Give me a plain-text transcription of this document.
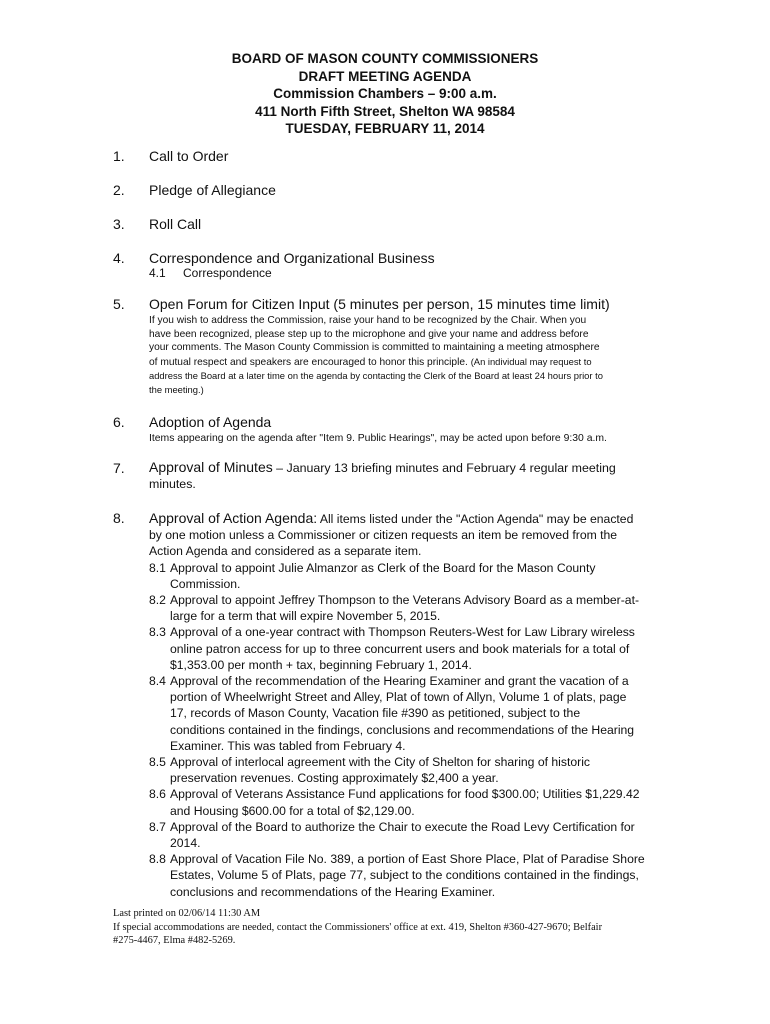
BOARD OF MASON COUNTY COMMISSIONERS
DRAFT MEETING AGENDA
Commission Chambers – 9:00 a.m.
411 North Fifth Street, Shelton WA 98584
TUESDAY, FEBRUARY 11, 2014
1. Call to Order
2. Pledge of Allegiance
3. Roll Call
4. Correspondence and Organizational Business
4.1 Correspondence
5. Open Forum for Citizen Input (5 minutes per person, 15 minutes time limit)
If you wish to address the Commission, raise your hand to be recognized by the Chair. When you
have been recognized, please step up to the microphone and give your name and address before
your comments. The Mason County Commission is committed to maintaining a meeting atmosphere
of mutual respect and speakers are encouraged to honor this principle. (An individual may request to
address the Board at a later time on the agenda by contacting the Clerk of the Board at least 24 hours prior to
the meeting.)
6. Adoption of Agenda
Items appearing on the agenda after "Item 9. Public Hearings", may be acted upon before 9:30 a.m.
7. Approval of Minutes – January 13 briefing minutes and February 4 regular meeting
minutes.
8. Approval of Action Agenda: All items listed under the "Action Agenda" may be enacted
by one motion unless a Commissioner or citizen requests an item be removed from the
Action Agenda and considered as a separate item.
8.1 Approval to appoint Julie Almanzor as Clerk of the Board for the Mason County
Commission.
8.2 Approval to appoint Jeffrey Thompson to the Veterans Advisory Board as a member-at-
large for a term that will expire November 5, 2015.
8.3 Approval of a one-year contract with Thompson Reuters-West for Law Library wireless
online patron access for up to three concurrent users and book materials for a total of
$1,353.00 per month + tax, beginning February 1, 2014.
8.4 Approval of the recommendation of the Hearing Examiner and grant the vacation of a
portion of Wheelwright Street and Alley, Plat of town of Allyn, Volume 1 of plats, page
17, records of Mason County, Vacation file #390 as petitioned, subject to the
conditions contained in the findings, conclusions and recommendations of the Hearing
Examiner. This was tabled from February 4.
8.5 Approval of interlocal agreement with the City of Shelton for sharing of historic
preservation revenues. Costing approximately $2,400 a year.
8.6 Approval of Veterans Assistance Fund applications for food $300.00; Utilities $1,229.42
and Housing $600.00 for a total of $2,129.00.
8.7 Approval of the Board to authorize the Chair to execute the Road Levy Certification for
2014.
8.8 Approval of Vacation File No. 389, a portion of East Shore Place, Plat of Paradise Shore
Estates, Volume 5 of Plats, page 77, subject to the conditions contained in the findings,
conclusions and recommendations of the Hearing Examiner.
Last printed on 02/06/14 11:30 AM
If special accommodations are needed, contact the Commissioners' office at ext. 419, Shelton #360-427-9670; Belfair
#275-4467, Elma #482-5269.
